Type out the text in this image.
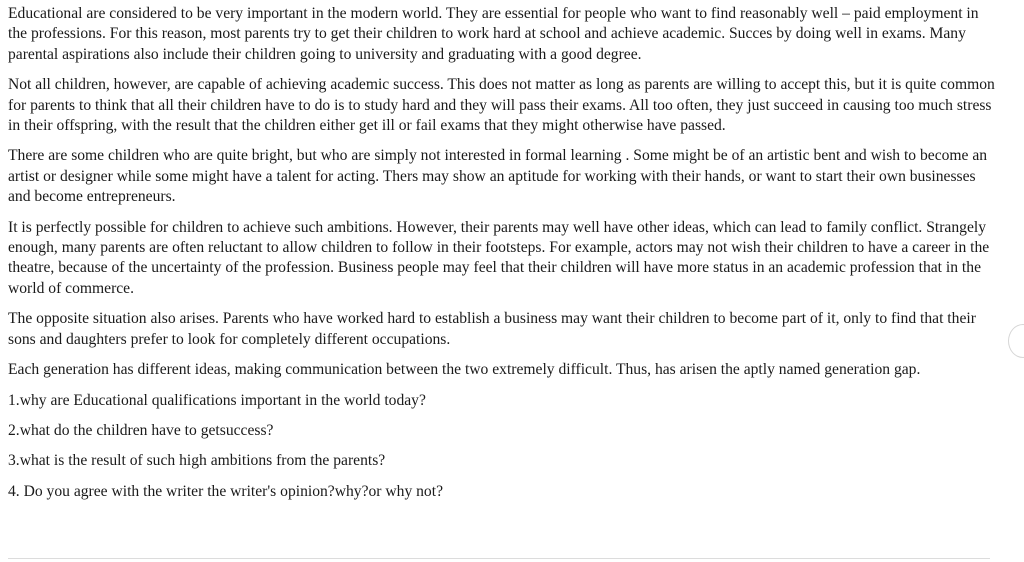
Educational are considered to be very important in the modern world. They are essential for people who want to find reasonably well – paid employment in the professions. For this reason, most parents try to get their children to work hard at school and achieve academic. Succes by doing well in exams. Many parental aspirations also include their children going to university and graduating with a good degree.

Not all children, however, are capable of achieving academic success. This does not matter as long as parents are willing to accept this, but it is quite common for parents to think that all their children have to do is to study hard and they will pass their exams. All too often, they just succeed in causing too much stress in their offspring, with the result that the children either get ill or fail exams that they might otherwise have passed.

There are some children who are quite bright, but who are simply not interested in formal learning . Some might be of an artistic bent and wish to become an artist or designer while some might have a talent for acting. Thers may show an aptitude for working with their hands, or want to start their own businesses and become entrepreneurs.

It is perfectly possible for children to achieve such ambitions. However, their parents may well have other ideas, which can lead to family conflict. Strangely enough, many parents are often reluctant to allow children to follow in their footsteps. For example, actors may not wish their children to have a career in the theatre, because of the uncertainty of the profession. Business people may feel that their children will have more status in an academic profession that in the world of commerce.

The opposite situation also arises. Parents who have worked hard to establish a business may want their children to become part of it, only to find that their sons and daughters prefer to look for completely different occupations.

Each generation has different ideas, making communication between the two extremely difficult. Thus, has arisen the aptly named generation gap.

1.why are Educational qualifications important in the world today?

2.what do the children have to getsuccess?

3.what is the result of such high ambitions from the parents?

4. Do you agree with the writer the writer's opinion?why?or why not?
